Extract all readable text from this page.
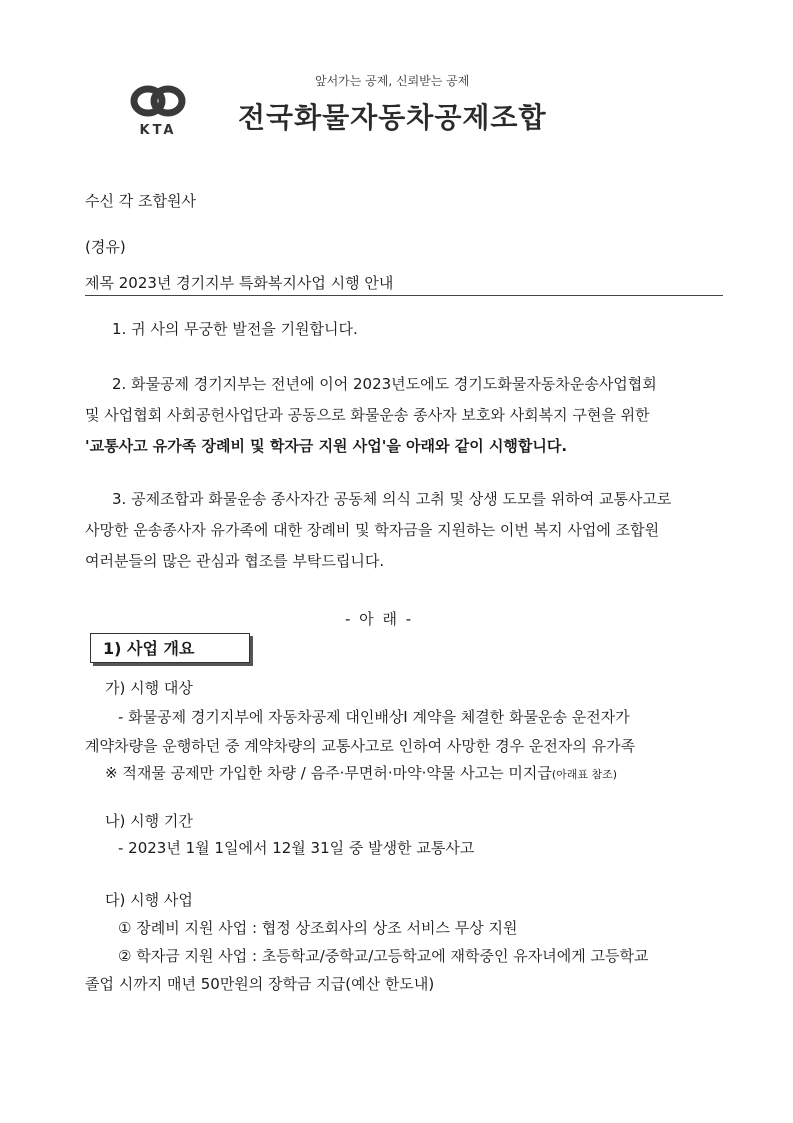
앞서가는 공제, 신뢰받는 공제
KTA	전국화물자동차공제조합
수신 각 조합원사
(경유)
제목 2023년 경기지부 특화복지사업 시행 안내

1. 귀 사의 무궁한 발전을 기원합니다.

2. 화물공제 경기지부는 전년에 이어 2023년도에도 경기도화물자동차운송사업협회

및 사업협회 사회공헌사업단과 공동으로 화물운송 종사자 보호와 사회복지 구현을 위한

'교통사고 유가족 장례비 및 학자금 지원 사업'을 아래와 같이 시행합니다.

3. 공제조합과 화물운송 종사자간 공동체 의식 고취 및 상생 도모를 위하여 교통사고로

사망한 운송종사자 유가족에 대한 장례비 및 학자금을 지원하는 이번 복지 사업에 조합원

여러분들의 많은 관심과 협조를 부탁드립니다.

- 아 래 -
1) 사업 개요
가) 시행 대상
- 화물공제 경기지부에 자동차공제 대인배상Ⅰ 계약을 체결한 화물운송 운전자가
계약차량을 운행하던 중 계약차량의 교통사고로 인하여 사망한 경우 운전자의 유가족
※ 적재물 공제만 가입한 차량 / 음주·무면허·마약·약물 사고는 미지급(아래표 참조)
나) 시행 기간
- 2023년 1월 1일에서 12월 31일 중 발생한 교통사고
다) 시행 사업
① 장례비 지원 사업 : 협정 상조회사의 상조 서비스 무상 지원
② 학자금 지원 사업 : 초등학교/중학교/고등학교에 재학중인 유자녀에게 고등학교
졸업 시까지 매년 50만원의 장학금 지급(예산 한도내)
